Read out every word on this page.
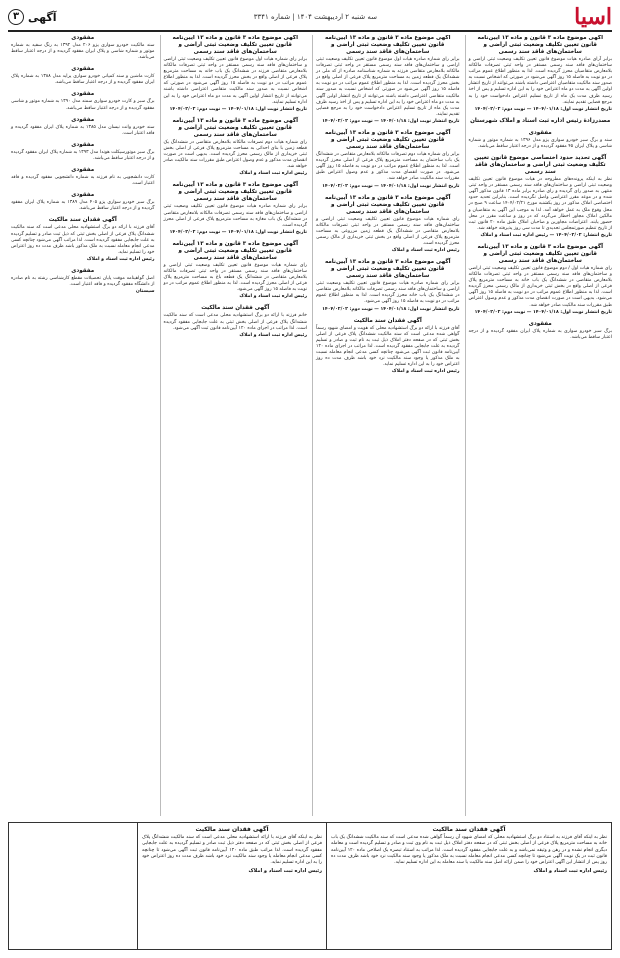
اسیا
سه شنبه ۲ اردیبهشت ۱۴۰۴ | شماره ۳۳۴۱
آگهی
۳
آگهی موضوع ماده ۳ قانون و ماده ۱۳ آیین‌نامه قانون تعیین تکلیف وضعیت ثبتی اراضی و ساختمان‌های فاقد سند رسمی
برابر آرای صادره هیات موضوع قانون تعیین تکلیف وضعیت ثبتی اراضی و ساختمان‌های فاقد سند رسمی مستقر در واحد ثبتی تصرفات مالکانه بلامعارض متقاضیان محرز گردیده است. لذا به منظور اطلاع عموم مراتب در دو نوبت به فاصله ۱۵ روز آگهی می‌شود در صورتی که اشخاص نسبت به صدور سند مالکیت متقاضیان اعتراضی داشته باشند می‌توانند از تاریخ انتشار اولین آگهی به مدت دو ماه اعتراض خود را به این اداره تسلیم و پس از اخذ رسید ظرف مدت یک ماه از تاریخ تسلیم اعتراض دادخواست خود را به مرجع قضایی تقدیم نمایند.
تاریخ انتشار نوبت اول: ۱۴۰۴/۰۱/۱۸ — نوبت دوم: ۱۴۰۴/۰۲/۰۲
مصدرزادهٔ رئیس اداره ثبت اسناد و املاک شهرستان
مفقودی
سند و برگ سبز خودرو سواری پژو مدل ۱۳۹۶ به شماره موتور و شماره شاسی و پلاک ایران ۴۵ مفقود گردیده و از درجه اعتبار ساقط می‌باشد.
آگهی تحدید حدود اختصاصی موضوع قانون تعیین تکلیف وضعیت ثبتی اراضی و ساختمان‌های فاقد سند رسمی
نظر به اینکه پرونده‌های مطروحه در هیات موضوع قانون تعیین تکلیف وضعیت ثبتی اراضی و ساختمان‌های فاقد سند رسمی مستقر در واحد ثبتی منتهی به صدور رای گردیده و رای صادره برابر ماده ۱۳ قانون مذکور آگهی شده و در موعد مقرر اعتراضی واصل نگردیده است. بنابراین تحدید حدود اختصاصی املاک مذکور در روز یکشنبه مورخ ۱۴۰۴/۰۲/۲۱ ساعت ۹ صبح در محل وقوع ملک به عمل خواهد آمد. لذا به موجب این آگهی به متقاضیان و مالکین املاک مجاور اخطار می‌گردد که در روز و ساعت مقرر در محل حضور یابند. اعتراضات مجاورین و صاحبان املاک طبق ماده ۲۰ قانون ثبت از تاریخ تنظیم صورتمجلس تحدیدی تا مدت سی روز پذیرفته خواهد شد.
تاریخ انتشار: ۱۴۰۴/۰۲/۰۲ — رئیس اداره ثبت اسناد و املاک
آگهی موضوع ماده ۳ قانون و ماده ۱۳ آیین‌نامه قانون تعیین تکلیف وضعیت ثبتی اراضی و ساختمان‌های فاقد سند رسمی
رای شماره هیات اول / دوم موضوع قانون تعیین تکلیف وضعیت ثبتی اراضی و ساختمان‌های فاقد سند رسمی مستقر در واحد ثبتی تصرفات مالکانه بلامعارض متقاضی در ششدانگ یک باب خانه به مساحت مترمربع پلاک فرعی از اصلی واقع در بخش ثبتی خریداری از مالک رسمی محرز گردیده است. لذا به منظور اطلاع عموم مراتب در دو نوبت به فاصله ۱۵ روز آگهی می‌شود. بدیهی است در صورت انقضای مدت مذکور و عدم وصول اعتراض طبق مقررات سند مالکیت صادر خواهد شد.
تاریخ انتشار نوبت اول: ۱۴۰۴/۰۱/۱۸ — نوبت دوم: ۱۴۰۴/۰۲/۰۲
مفقودی
برگ سبز خودرو سواری به شماره پلاک ایران مفقود گردیده و از درجه اعتبار ساقط می‌باشد.
آگهی موضوع ماده ۳ قانون و ماده ۱۳ آیین‌نامه قانون تعیین تکلیف وضعیت ثبتی اراضی و ساختمان‌های فاقد سند رسمی
برابر رای شماره صادره هیات اول موضوع قانون تعیین تکلیف وضعیت ثبتی اراضی و ساختمان‌های فاقد سند رسمی مستقر در واحد ثبتی تصرفات مالکانه بلامعارض متقاضی فرزند به شماره شناسنامه صادره از کد ملی در ششدانگ یک قطعه زمین به مساحت مترمربع پلاک فرعی از اصلی واقع در بخش محرز گردیده است. لذا به منظور اطلاع عموم مراتب در دو نوبت به فاصله ۱۵ روز آگهی می‌شود در صورتی که اشخاص نسبت به صدور سند مالکیت متقاضی اعتراضی داشته باشند می‌توانند از تاریخ انتشار اولین آگهی به مدت دو ماه اعتراض خود را به این اداره تسلیم و پس از اخذ رسید ظرف مدت یک ماه از تاریخ تسلیم اعتراض دادخواست خود را به مرجع قضایی تقدیم نمایند.
تاریخ انتشار نوبت اول: ۱۴۰۴/۰۱/۱۸ — نوبت دوم: ۱۴۰۴/۰۲/۰۲
آگهی موضوع ماده ۳ قانون و ماده ۱۳ آیین‌نامه قانون تعیین تکلیف وضعیت ثبتی اراضی و ساختمان‌های فاقد سند رسمی
برابر رای شماره هیات دوم تصرفات مالکانه بلامعارض متقاضی در ششدانگ یک باب ساختمان به مساحت مترمربع پلاک فرعی از اصلی محرز گردیده است. لذا به منظور اطلاع عموم مراتب در دو نوبت به فاصله ۱۵ روز آگهی می‌شود. در صورت انقضای مدت مذکور و عدم وصول اعتراض طبق مقررات سند مالکیت صادر خواهد شد.
تاریخ انتشار نوبت اول: ۱۴۰۴/۰۱/۱۸ — نوبت دوم: ۱۴۰۴/۰۲/۰۲
آگهی موضوع ماده ۳ قانون و ماده ۱۳ آیین‌نامه قانون تعیین تکلیف وضعیت ثبتی اراضی و ساختمان‌های فاقد سند رسمی
رای شماره هیات موضوع قانون تعیین تکلیف وضعیت ثبتی اراضی و ساختمان‌های فاقد سند رسمی مستقر در واحد ثبتی تصرفات مالکانه بلامعارض متقاضی در ششدانگ یک قطعه زمین مزروعی به مساحت مترمربع پلاک فرعی از اصلی واقع در بخش ثبتی خریداری از مالک رسمی محرز گردیده است.
رئیس اداره ثبت اسناد و املاک
آگهی موضوع ماده ۳ قانون و ماده ۱۳ آیین‌نامه قانون تعیین تکلیف وضعیت ثبتی اراضی و ساختمان‌های فاقد سند رسمی
برابر رای شماره صادره هیات موضوع قانون تعیین تکلیف وضعیت ثبتی اراضی و ساختمان‌های فاقد سند رسمی تصرفات مالکانه بلامعارض متقاضی در ششدانگ یک باب خانه محرز گردیده است. لذا به منظور اطلاع عموم مراتب در دو نوبت به فاصله ۱۵ روز آگهی می‌شود.
تاریخ انتشار نوبت اول: ۱۴۰۴/۰۱/۱۸ — نوبت دوم: ۱۴۰۴/۰۲/۰۲
آگهی فقدان سند مالکیت
آقای فرزند با ارائه دو برگ استشهادیه محلی که هویت و امضای شهود رسماً گواهی شده مدعی است که سند مالکیت ششدانگ پلاک فرعی از اصلی بخش ثبتی که در صفحه دفتر املاک ذیل ثبت به نام ثبت و صادر و تسلیم گردیده به علت جابجایی مفقود گردیده است. لذا مراتب در اجرای ماده ۱۲۰ آیین‌نامه قانون ثبت آگهی می‌شود چنانچه کسی مدعی انجام معامله نسبت به ملک مذکور یا وجود سند مالکیت نزد خود باشد ظرف مدت ده روز اعتراض خود را به این اداره تسلیم نماید.
رئیس اداره ثبت اسناد و املاک
آگهی موضوع ماده ۳ قانون و ماده ۱۳ آیین‌نامه قانون تعیین تکلیف وضعیت ثبتی اراضی و ساختمان‌های فاقد سند رسمی
برابر رای شماره هیات اول موضوع قانون تعیین تکلیف وضعیت ثبتی اراضی و ساختمان‌های فاقد سند رسمی مستقر در واحد ثبتی تصرفات مالکانه بلامعارض متقاضی فرزند در ششدانگ یک باب خانه به مساحت مترمربع پلاک فرعی از اصلی واقع در بخش محرز گردیده است. لذا به منظور اطلاع عموم مراتب در دو نوبت به فاصله ۱۵ روز آگهی می‌شود در صورتی که اشخاص نسبت به صدور سند مالکیت متقاضی اعتراضی داشته باشند می‌توانند از تاریخ انتشار اولین آگهی به مدت دو ماه اعتراض خود را به این اداره تسلیم نمایند.
تاریخ انتشار نوبت اول: ۱۴۰۴/۰۱/۱۸ — نوبت دوم: ۱۴۰۴/۰۲/۰۲
آگهی موضوع ماده ۳ قانون و ماده ۱۳ آیین‌نامه قانون تعیین تکلیف وضعیت ثبتی اراضی و ساختمان‌های فاقد سند رسمی
رای شماره هیات دوم تصرفات مالکانه بلامعارض متقاضی در ششدانگ یک قطعه زمین با بنای احداثی به مساحت مترمربع پلاک فرعی از اصلی بخش ثبتی خریداری از مالک رسمی محرز گردیده است. بدیهی است در صورت انقضای مدت مذکور و عدم وصول اعتراض طبق مقررات سند مالکیت صادر خواهد شد.
رئیس اداره ثبت اسناد و املاک
آگهی موضوع ماده ۳ قانون و ماده ۱۳ آیین‌نامه قانون تعیین تکلیف وضعیت ثبتی اراضی و ساختمان‌های فاقد سند رسمی
برابر رای شماره صادره هیات موضوع قانون تعیین تکلیف وضعیت ثبتی اراضی و ساختمان‌های فاقد سند رسمی تصرفات مالکانه بلامعارض متقاضی در ششدانگ یک باب مغازه به مساحت مترمربع پلاک فرعی از اصلی محرز گردیده است.
تاریخ انتشار نوبت اول: ۱۴۰۴/۰۱/۱۸ — نوبت دوم: ۱۴۰۴/۰۲/۰۲
آگهی موضوع ماده ۳ قانون و ماده ۱۳ آیین‌نامه قانون تعیین تکلیف وضعیت ثبتی اراضی و ساختمان‌های فاقد سند رسمی
رای شماره هیات موضوع قانون تعیین تکلیف وضعیت ثبتی اراضی و ساختمان‌های فاقد سند رسمی مستقر در واحد ثبتی تصرفات مالکانه بلامعارض متقاضی در ششدانگ یک قطعه باغ به مساحت مترمربع پلاک فرعی از اصلی محرز گردیده است. لذا به منظور اطلاع عموم مراتب در دو نوبت به فاصله ۱۵ روز آگهی می‌شود.
رئیس اداره ثبت اسناد و املاک
آگهی فقدان سند مالکیت
خانم فرزند با ارائه دو برگ استشهادیه محلی مدعی است که سند مالکیت ششدانگ پلاک فرعی از اصلی بخش ثبتی به علت جابجایی مفقود گردیده است. لذا مراتب در اجرای ماده ۱۲۰ آیین‌نامه قانون ثبت آگهی می‌شود.
رئیس اداره ثبت اسناد و املاک
مفقودی
سند مالکیت خودرو سواری پژو ۲۰۶ مدل ۱۳۹۲ به رنگ سفید به شماره موتور و شماره شاسی و پلاک ایران مفقود گردیده و از درجه اعتبار ساقط می‌باشد.
مفقودی
کارت ماشین و سند کمپانی خودرو سواری پراید مدل ۱۳۸۸ به شماره پلاک ایران مفقود گردیده و از درجه اعتبار ساقط می‌باشد.
مفقودی
برگ سبز و کارت خودرو سواری سمند مدل ۱۳۹۰ به شماره موتور و شاسی مفقود گردیده و از درجه اعتبار ساقط می‌باشد.
مفقودی
سند خودرو وانت نیسان مدل ۱۳۸۵ به شماره پلاک ایران مفقود گردیده و فاقد اعتبار است.
مفقودی
برگ سبز موتورسیکلت هوندا مدل ۱۳۹۳ به شماره پلاک ایران مفقود گردیده و از درجه اعتبار ساقط می‌باشد.
مفقودی
کارت دانشجویی به نام فرزند به شماره دانشجویی مفقود گردیده و فاقد اعتبار است.
مفقودی
برگ سبز خودرو سواری پژو ۴۰۵ مدل ۱۳۸۹ به شماره پلاک ایران مفقود گردیده و از درجه اعتبار ساقط می‌باشد.
آگهی فقدان سند مالکیت
آقای فرزند با ارائه دو برگ استشهادیه محلی مدعی است که سند مالکیت ششدانگ پلاک فرعی از اصلی بخش ثبتی که ذیل ثبت صادر و تسلیم گردیده به علت جابجایی مفقود گردیده است. لذا مراتب آگهی می‌شود چنانچه کسی مدعی انجام معامله نسبت به ملک مذکور باشد ظرف مدت ده روز اعتراض خود را تسلیم نماید.
رئیس اداره ثبت اسناد و املاک
مفقودی
اصل گواهینامه موقت پایان تحصیلات مقطع کارشناسی رشته به نام صادره از دانشگاه مفقود گردیده و فاقد اعتبار است.
سیستان
آگهی فقدان سند مالکیت
نظر به اینکه آقای فرزند به استناد دو برگ استشهادیه محلی که امضای شهود آن رسماً گواهی شده مدعی است که سند مالکیت ششدانگ یک باب خانه به مساحت مترمربع پلاک فرعی از اصلی بخش ثبتی که در صفحه دفتر املاک ذیل ثبت به نام وی ثبت و صادر و تسلیم گردیده است و معامله دیگری انجام نشده و در رهن و وثیقه نمی‌باشد و به علت جابجایی مفقود گردیده است. لذا مراتب به استناد تبصره یک اصلاحی ماده ۱۲۰ آیین‌نامه قانون ثبت در یک نوبت آگهی می‌شود تا چنانچه کسی مدعی انجام معامله نسبت به ملک مذکور یا وجود سند مالکیت نزد خود باشد ظرف مدت ده روز پس از انتشار این آگهی اعتراض خود را ضمن ارائه اصل سند مالکیت یا سند معامله به این اداره تسلیم نماید.
رئیس اداره ثبت اسناد و املاک
آگهی فقدان سند مالکیت
نظر به اینکه آقای فرزند با ارائه استشهادیه محلی مدعی است که سند مالکیت ششدانگ پلاک فرعی از اصلی بخش ثبتی که در صفحه دفتر ذیل ثبت صادر و تسلیم گردیده به علت جابجایی مفقود گردیده است. لذا مراتب طبق ماده ۱۲۰ آیین‌نامه قانون ثبت آگهی می‌شود تا چنانچه کسی مدعی انجام معامله یا وجود سند مالکیت نزد خود باشد ظرف مدت ده روز اعتراض خود را به این اداره تسلیم نماید.
رئیس اداره ثبت اسناد و املاک
